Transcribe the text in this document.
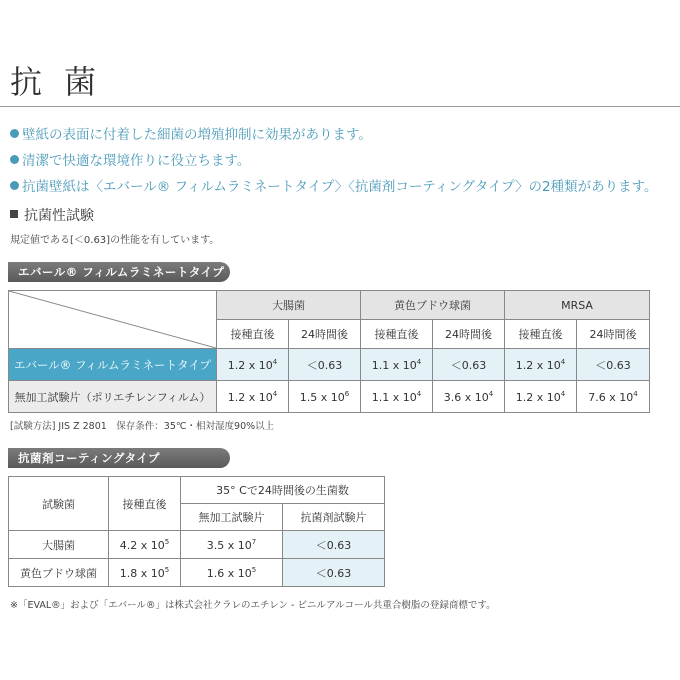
抗 菌
壁紙の表面に付着した細菌の増殖抑制に効果があります。
清潔で快適な環境作りに役立ちます。
抗菌壁紙は〈エバール® フィルムラミネートタイプ〉〈抗菌剤コーティングタイプ〉の2種類があります。
抗菌性試験
規定値である[＜0.63]の性能を有しています。
エバール® フィルムラミネートタイプ
	大腸菌		黄色ブドウ球菌		MRSA	
	接種直後	24時間後	接種直後	24時間後	接種直後	24時間後
エバール® フィルムラミネートタイプ	1.2 x $10^4$	＜0.63	1.1 x $10^4$	＜0.63	1.2 x $10^4$	＜0.63
無加工試験片（ポリエチレンフィルム）	1.2 x $10^4$	1.5 x $10^6$	1.1 x $10^4$	3.6 x $10^4$	1.2 x $10^4$	7.6 x $10^4$
[試験方法] JIS Z 2801　保存条件：35℃・相対湿度90%以上
抗菌剤コーティングタイプ
試験菌	接種直後	35° Cで24時間後の生菌数	
		無加工試験片	抗菌剤試験片
大腸菌	4.2 x $10^5$	3.5 x $10^7$	＜0.63
黄色ブドウ球菌	1.8 x $10^5$	1.6 x $10^5$	＜0.63
※「EVAL®」および「エバール®」は株式会社クラレのエチレン - ビニルアルコール共重合樹脂の登録商標です。
